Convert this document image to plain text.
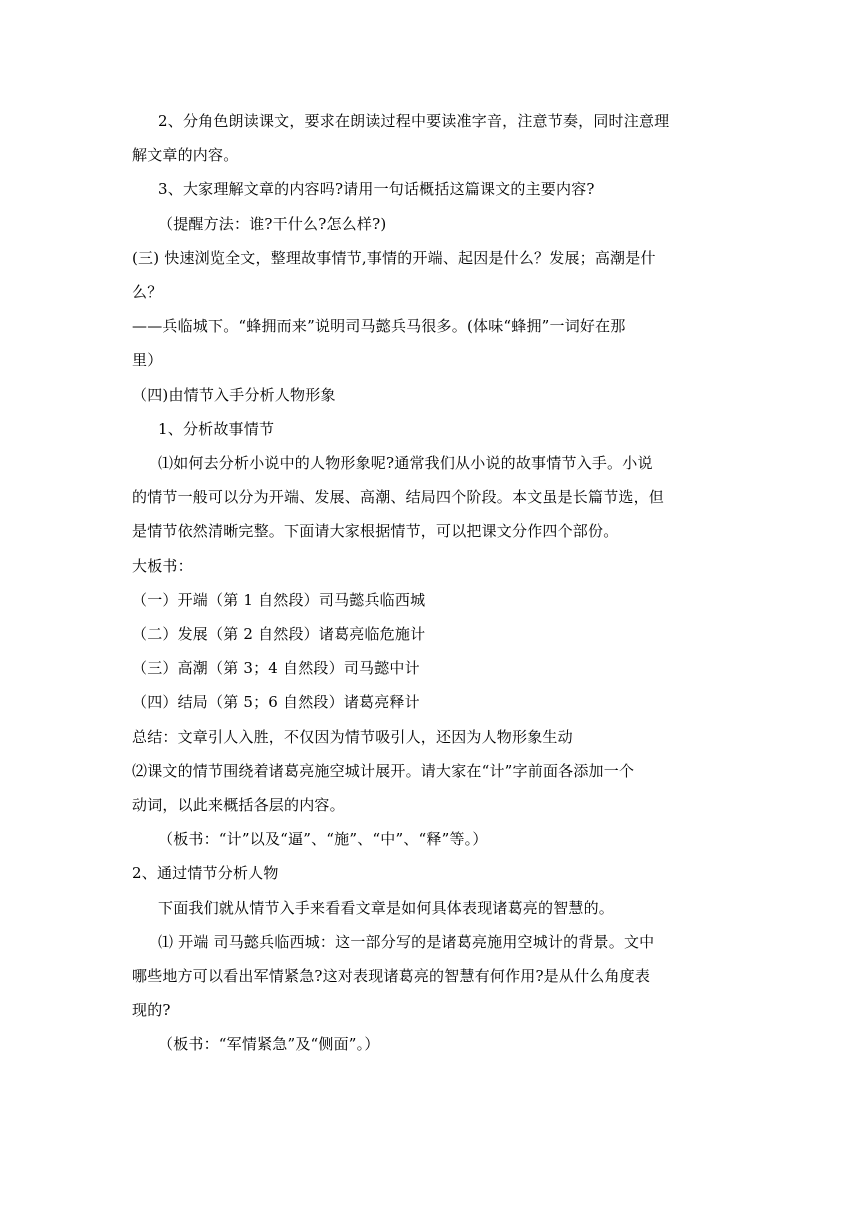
2、分角色朗读课文，要求在朗读过程中要读准字音，注意节奏，同时注意理
解文章的内容。
3、大家理解文章的内容吗?请用一句话概括这篇课文的主要内容?
（提醒方法：谁?干什么?怎么样?)
(三) 快速浏览全文，整理故事情节,事情的开端、起因是什么？发展；高潮是什
么？
——兵临城下。“蜂拥而来”说明司马懿兵马很多。(体味“蜂拥”一词好在那
里）
（四)由情节入手分析人物形象
1、分析故事情节
⑴如何去分析小说中的人物形象呢?通常我们从小说的故事情节入手。小说
的情节一般可以分为开端、发展、高潮、结局四个阶段。本文虽是长篇节选，但
是情节依然清晰完整。下面请大家根据情节，可以把课文分作四个部份。
大板书：
（一）开端（第 1 自然段）司马懿兵临西城
（二）发展（第 2 自然段）诸葛亮临危施计
（三）高潮（第 3；4 自然段）司马懿中计
（四）结局（第 5；6 自然段）诸葛亮释计
总结：文章引人入胜，不仅因为情节吸引人，还因为人物形象生动
⑵课文的情节围绕着诸葛亮施空城计展开。请大家在“计”字前面各添加一个
动词，以此来概括各层的内容。
（板书：“计”以及“逼”、“施”、“中”、“释”等。）
2、通过情节分析人物
下面我们就从情节入手来看看文章是如何具体表现诸葛亮的智慧的。
⑴ 开端 司马懿兵临西城：这一部分写的是诸葛亮施用空城计的背景。文中
哪些地方可以看出军情紧急?这对表现诸葛亮的智慧有何作用?是从什么角度表
现的?
（板书：“军情紧急”及“侧面”。）
